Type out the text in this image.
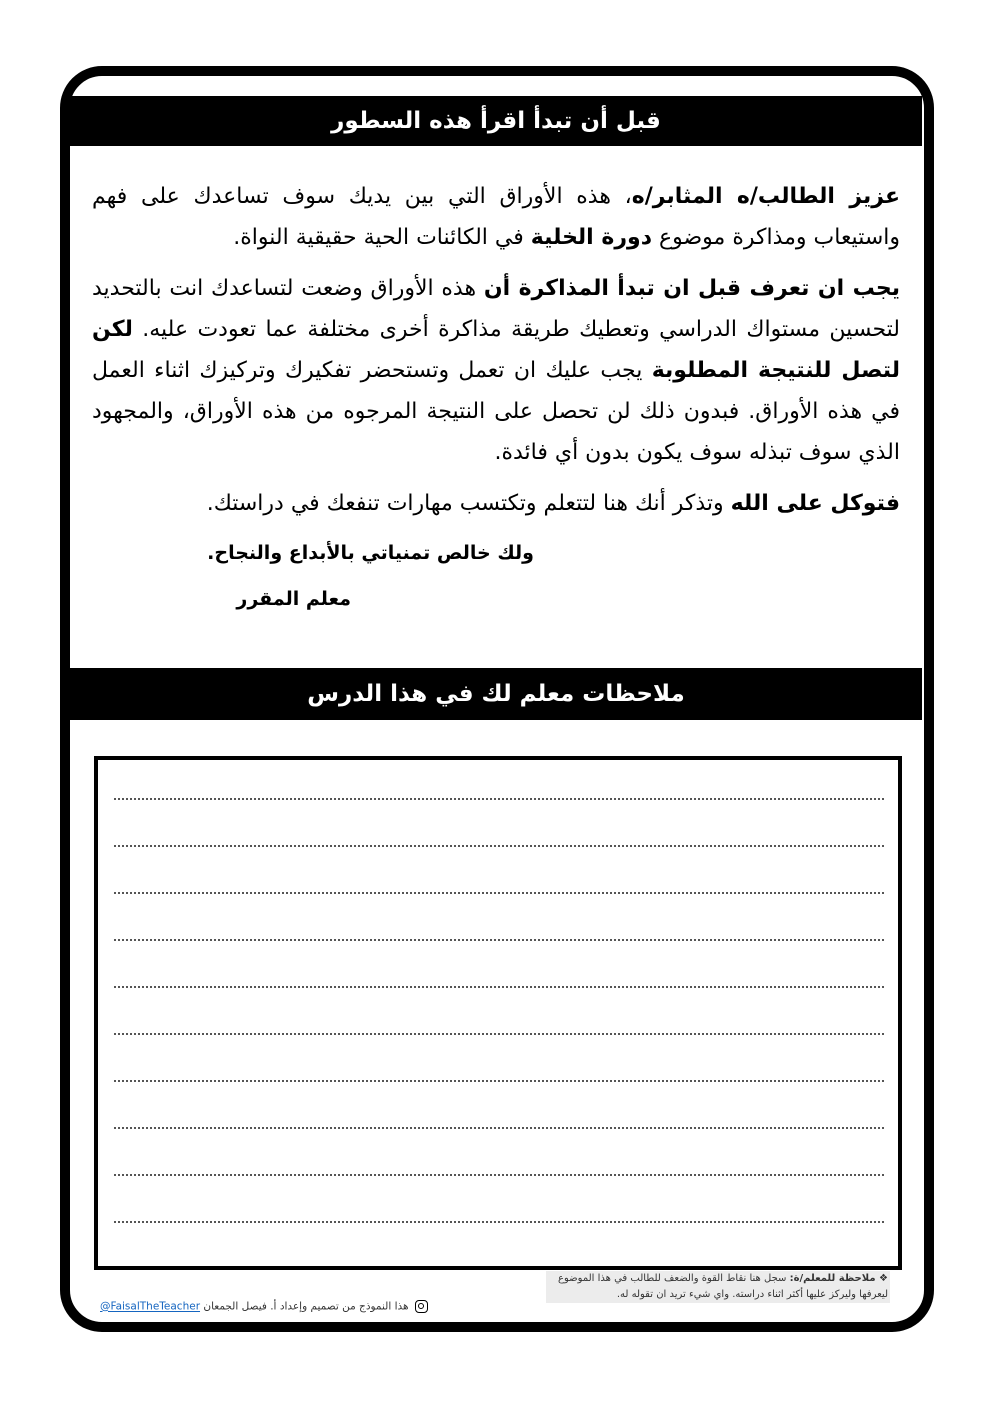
قبل أن تبدأ اقرأ هذه السطور

عزيز الطالب/ه المثابر/ه، هذه الأوراق التي بين يديك سوف تساعدك على فهم واستيعاب ومذاكرة موضوع دورة الخلية في الكائنات الحية حقيقية النواة.

يجب ان تعرف قبل ان تبدأ المذاكرة أن هذه الأوراق وضعت لتساعدك انت بالتحديد لتحسين مستواك الدراسي وتعطيك طريقة مذاكرة أخرى مختلفة عما تعودت عليه. لكن لتصل للنتيجة المطلوبة يجب عليك ان تعمل وتستحضر تفكيرك وتركيزك اثناء العمل في هذه الأوراق. فبدون ذلك لن تحصل على النتيجة المرجوه من هذه الأوراق، والمجهود الذي سوف تبذله سوف يكون بدون أي فائدة.

فتوكل على الله وتذكر أنك هنا لتتعلم وتكتسب مهارات تنفعك في دراستك.

ولك خالص تمنياتي بالأبداع والنجاح.
معلم المقرر
ملاحظات معلم لك في هذا الدرس
❖ ملاحظة للمعلم/ة: سجل هنا نقاط القوة والضعف للطالب في هذا الموضوع ليعرفها وليركز عليها أكثر اثناء دراسته. واي شيء تريد ان تقوله له.
@FaisalTheTeacher هذا النموذج من تصميم وإعداد أ. فيصل الجمعان
